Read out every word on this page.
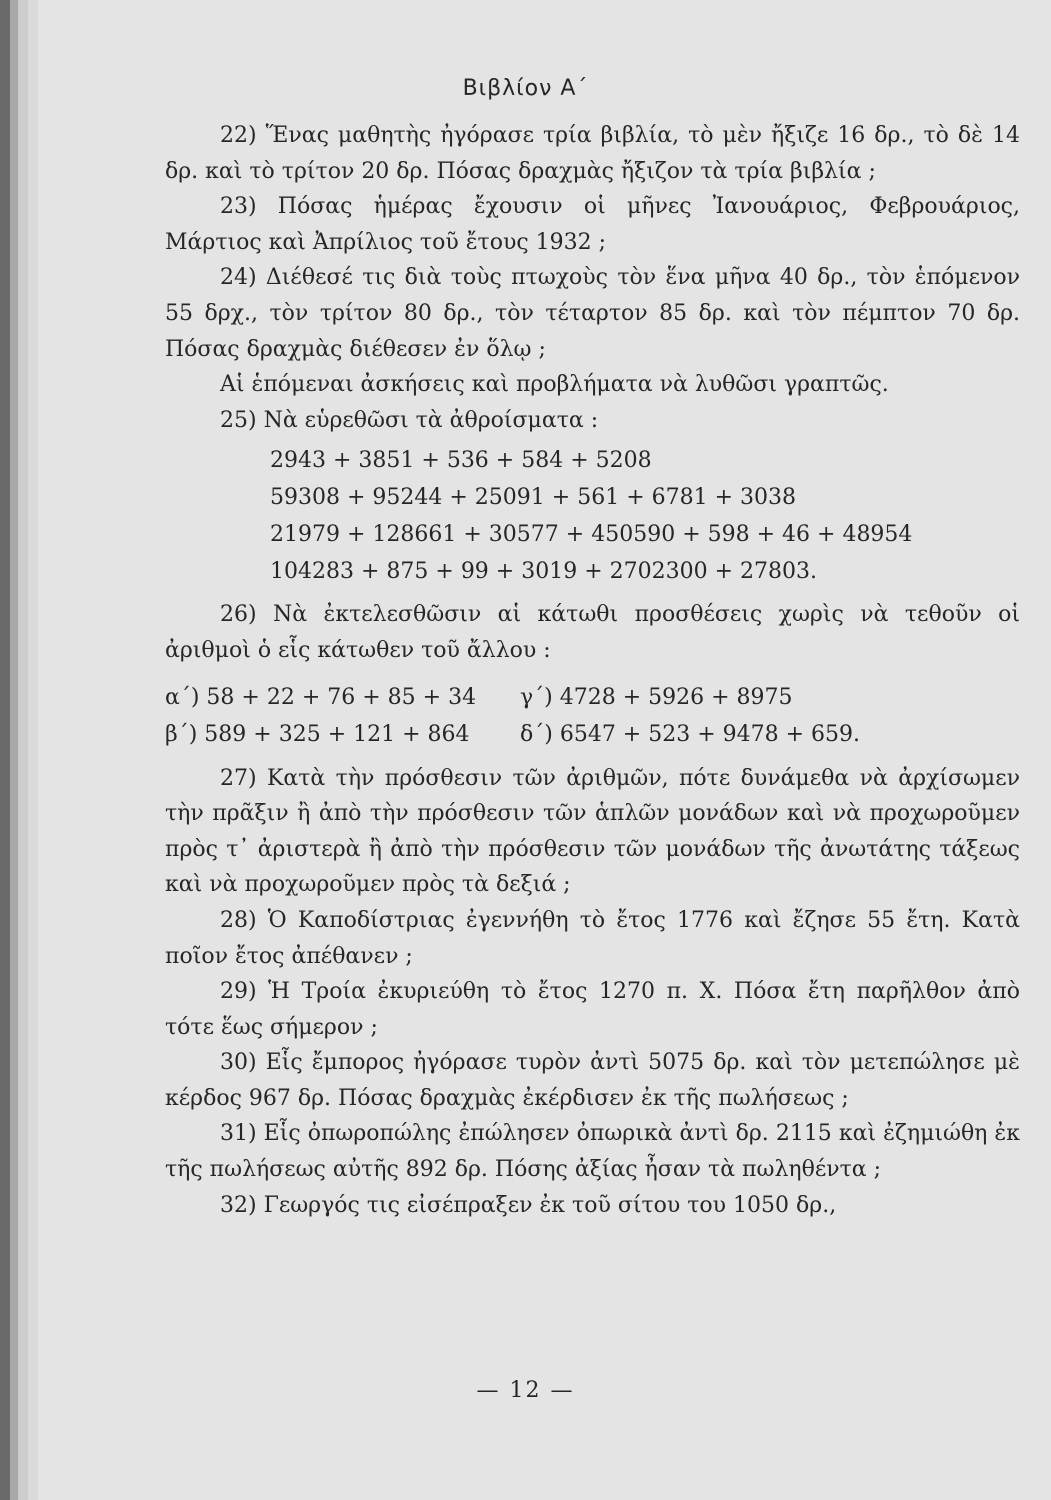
Βιβλίον Α΄

22) Ἕνας μαθητὴς ἠγόρασε τρία βιβλία, τὸ μὲν ἤξιζε 16 δρ., τὸ δὲ 14 δρ. καὶ τὸ τρίτον 20 δρ. Πόσας δραχμὰς ἤξιζον τὰ τρία βιβλία ;

23) Πόσας ἡμέρας ἔχουσιν οἱ μῆνες Ἰανουάριος, Φεβρουάριος, Μάρτιος καὶ Ἀπρίλιος τοῦ ἔτους 1932 ;

24) Διέθεσέ τις διὰ τοὺς πτωχοὺς τὸν ἕνα μῆνα 40 δρ., τὸν ἑπόμενον 55 δρχ., τὸν τρίτον 80 δρ., τὸν τέταρτον 85 δρ. καὶ τὸν πέμπτον 70 δρ. Πόσας δραχμὰς διέθεσεν ἐν ὅλῳ ;

Αἱ ἑπόμεναι ἀσκήσεις καὶ προβλήματα νὰ λυθῶσι γραπτῶς.

25) Νὰ εὑρεθῶσι τὰ ἀθροίσματα :

2943 + 3851 + 536 + 584 + 5208
59308 + 95244 + 25091 + 561 + 6781 + 3038
21979 + 128661 + 30577 + 450590 + 598 + 46 + 48954
104283 + 875 + 99 + 3019 + 2702300 + 27803.

26) Νὰ ἐκτελεσθῶσιν αἱ κάτωθι προσθέσεις χωρὶς νὰ τεθοῦν οἱ ἀριθμοὶ ὁ εἷς κάτωθεν τοῦ ἄλλου :

α΄) 58 + 22 + 76 + 85 + 34	γ΄) 4728 + 5926 + 8975
β΄) 589 + 325 + 121 + 864	δ΄) 6547 + 523 + 9478 + 659.

27) Κατὰ τὴν πρόσθεσιν τῶν ἀριθμῶν, πότε δυνάμεθα νὰ ἀρχίσωμεν τὴν πρᾶξιν ἢ ἀπὸ τὴν πρόσθεσιν τῶν ἁπλῶν μονάδων καὶ νὰ προχωροῦμεν πρὸς τ᾿ ἀριστερὰ ἢ ἀπὸ τὴν πρόσθεσιν τῶν μονάδων τῆς ἀνωτάτης τάξεως καὶ νὰ προχωροῦμεν πρὸς τὰ δεξιά ;

28) Ὁ Καποδίστριας ἐγεννήθη τὸ ἔτος 1776 καὶ ἔζησε 55 ἔτη. Κατὰ ποῖον ἔτος ἀπέθανεν ;

29) Ἡ Τροία ἐκυριεύθη τὸ ἔτος 1270 π. Χ. Πόσα ἔτη παρῆλθον ἀπὸ τότε ἕως σήμερον ;

30) Εἷς ἔμπορος ἠγόρασε τυρὸν ἀντὶ 5075 δρ. καὶ τὸν μετεπώλησε μὲ κέρδος 967 δρ. Πόσας δραχμὰς ἐκέρδισεν ἐκ τῆς πωλήσεως ;

31) Εἷς ὀπωροπώλης ἐπώλησεν ὀπωρικὰ ἀντὶ δρ. 2115 καὶ ἐζημιώθη ἐκ τῆς πωλήσεως αὐτῆς 892 δρ. Πόσης ἀξίας ἦσαν τὰ πωληθέντα ;

32) Γεωργός τις εἰσέπραξεν ἐκ τοῦ σίτου του 1050 δρ.,

— 12 —
